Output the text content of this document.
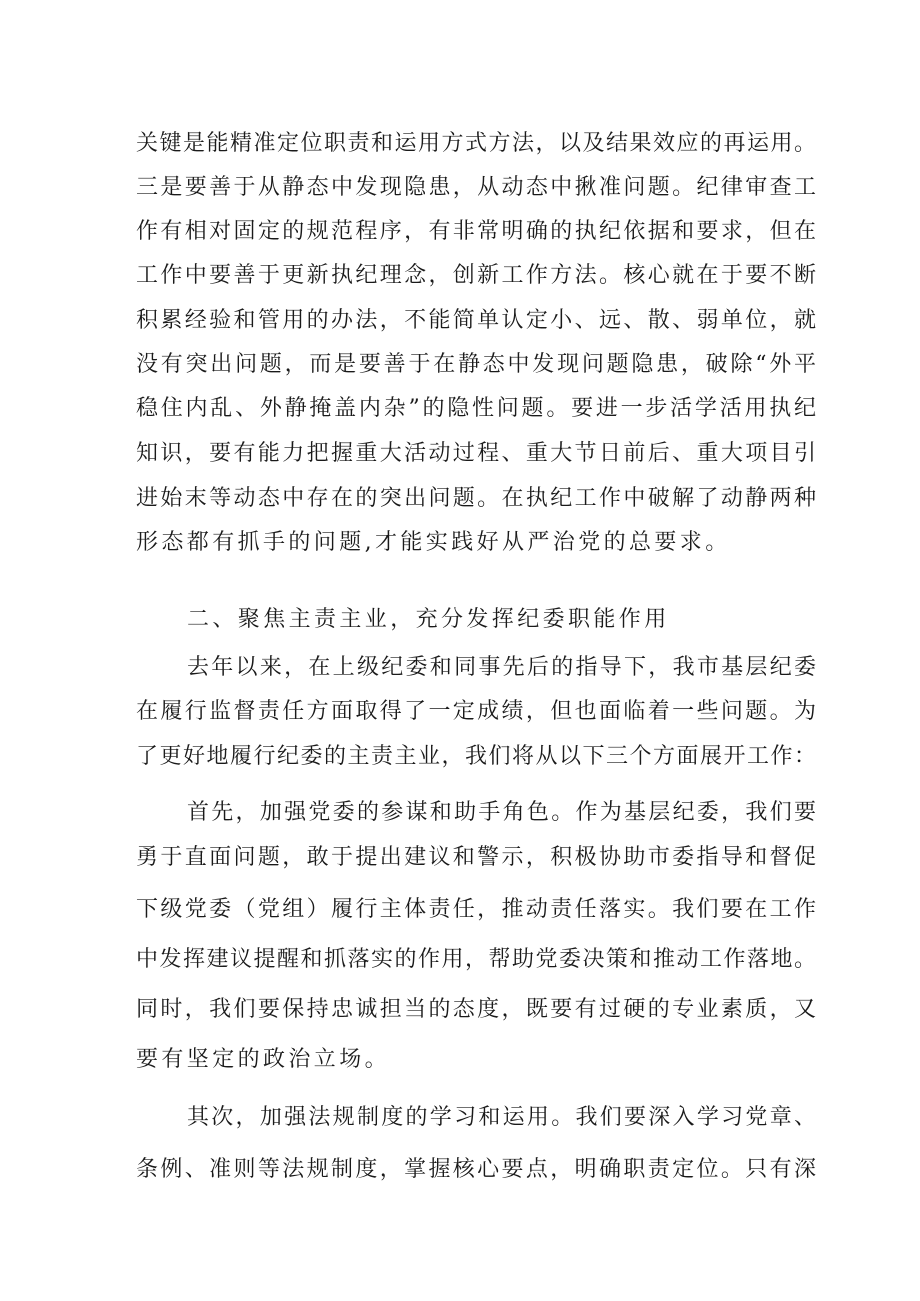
关键是能精准定位职责和运用方式方法，以及结果效应的再运用。
三是要善于从静态中发现隐患，从动态中揪准问题。纪律审查工
作有相对固定的规范程序，有非常明确的执纪依据和要求，但在
工作中要善于更新执纪理念，创新工作方法。核心就在于要不断
积累经验和管用的办法，不能简单认定小、远、散、弱单位，就
没有突出问题，而是要善于在静态中发现问题隐患，破除“外平
稳住内乱、外静掩盖内杂”的隐性问题。要进一步活学活用执纪
知识，要有能力把握重大活动过程、重大节日前后、重大项目引
进始末等动态中存在的突出问题。在执纪工作中破解了动静两种
形态都有抓手的问题,才能实践好从严治党的总要求。
二、聚焦主责主业，充分发挥纪委职能作用
去年以来，在上级纪委和同事先后的指导下，我市基层纪委
在履行监督责任方面取得了一定成绩，但也面临着一些问题。为
了更好地履行纪委的主责主业，我们将从以下三个方面展开工作：
首先，加强党委的参谋和助手角色。作为基层纪委，我们要
勇于直面问题，敢于提出建议和警示，积极协助市委指导和督促
下级党委（党组）履行主体责任，推动责任落实。我们要在工作
中发挥建议提醒和抓落实的作用，帮助党委决策和推动工作落地。
同时，我们要保持忠诚担当的态度，既要有过硬的专业素质，又
要有坚定的政治立场。
其次，加强法规制度的学习和运用。我们要深入学习党章、
条例、准则等法规制度，掌握核心要点，明确职责定位。只有深
